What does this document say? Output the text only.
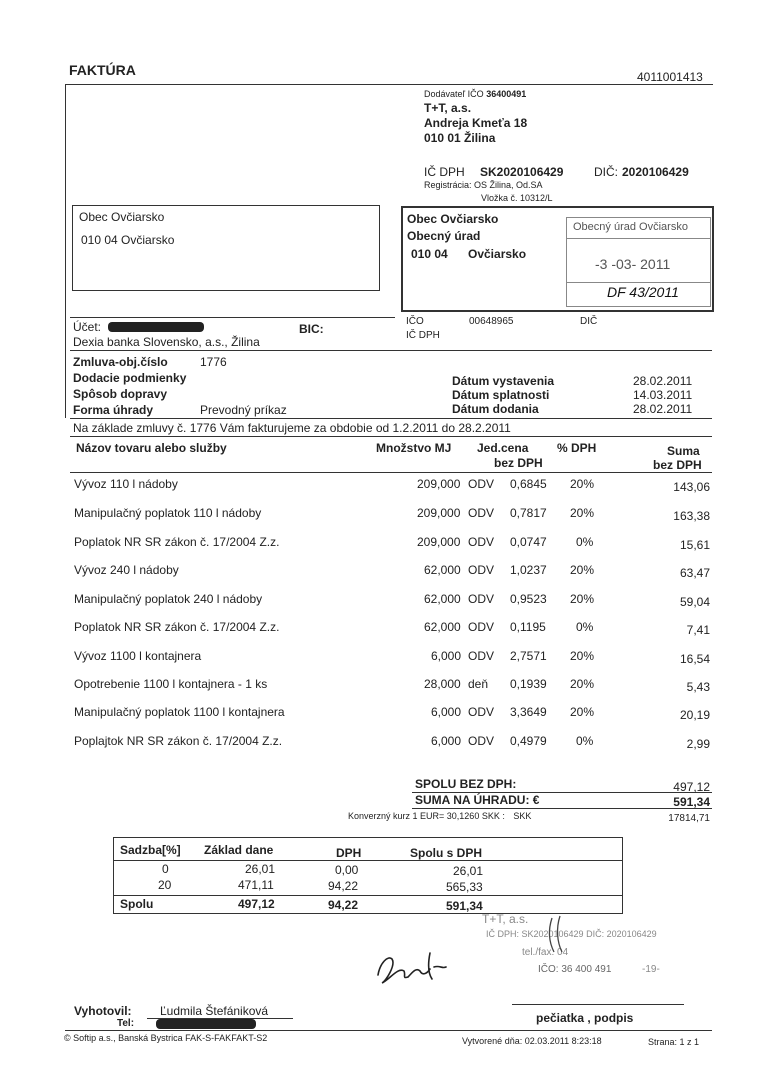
FAKTÚRA	4011001413
Dodávateľ IČO 36400491
T+T, a.s.
Andreja Kmeťa 18
010 01 Žilina
IČ DPH SK2020106429	DIČ: 2020106429
Registrácia: OS Žilina, Od.SA
Vložka č. 10312/L
Obec Ovčiarsko
010 04 Ovčiarsko
Obec Ovčiarsko
Obecný úrad
010 04 Ovčiarsko
Obecný úrad Ovčiarsko
-3 -03- 2011
DF 43/2011
IČO	00648965	DIČ
IČ DPH
Účet:	BIC:
Dexia banka Slovensko, a.s., Žilina
Zmluva-obj.číslo	1776
Dodacie podmienky
Spôsob dopravy
Forma úhrady	Prevodný príkaz
Dátum vystavenia	28.02.2011
Dátum splatnosti	14.03.2011
Dátum dodania	28.02.2011
Na základe zmluvy č. 1776 Vám fakturujeme za obdobie od 1.2.2011 do 28.2.2011
Názov tovaru alebo služby	Množstvo MJ Jed.cena
bez DPH
% DPH	Suma
bez DPH
Vývoz 110 l nádoby	209,000 ODV 0,6845 20%	143,06
Manipulačný poplatok 110 l nádoby	209,000 ODV 0,7817 20%	163,38
Poplatok NR SR zákon č. 17/2004 Z.z.	209,000 ODV 0,0747 0%	15,61
Vývoz 240 l nádoby	62,000 ODV 1,0237 20%	63,47
Manipulačný poplatok 240 l nádoby	62,000 ODV 0,9523 20%	59,04
Poplatok NR SR zákon č. 17/2004 Z.z.	62,000 ODV 0,1195	0%	7,41
Vývoz 1100 l kontajnera	6,000 ODV 2,7571 20%	16,54
Opotrebenie 1100 l kontajnera - 1 ks	28,000 deň 0,1939 20%	5,43
Manipulačný poplatok 1100 l kontajnera	6,000 ODV 3,3649 20%	20,19
Poplajtok NR SR zákon č. 17/2004 Z.z.	6,000 ODV 0,4979 0%	2,99
SPOLU BEZ DPH:	497,12
SUMA NA ÚHRADU: €	591,34
Konverzný kurz 1 EUR= 30,1260 SKK : SKK	17814,71
Sadzba[%] Základ dane	DPH	Spolu s DPH
0	26,01	0,00	26,01
20	471,11	94,22	565,33
Spolu	497,12	94,22	591,34
T+T, a.s.
IČ DPH: SK2020106429 DIČ: 2020106429
tel./fax: 04
IČO: 36 400 491	-19-
Vyhotovil: Ľudmila Štefániková
Tel:	pečiatka , podpis
© Softip a.s., Banská Bystrica FAK-S-FAKFAKT-S2	Vytvorené dňa: 02.03.2011 8:23:18	Strana: 1 z 1
